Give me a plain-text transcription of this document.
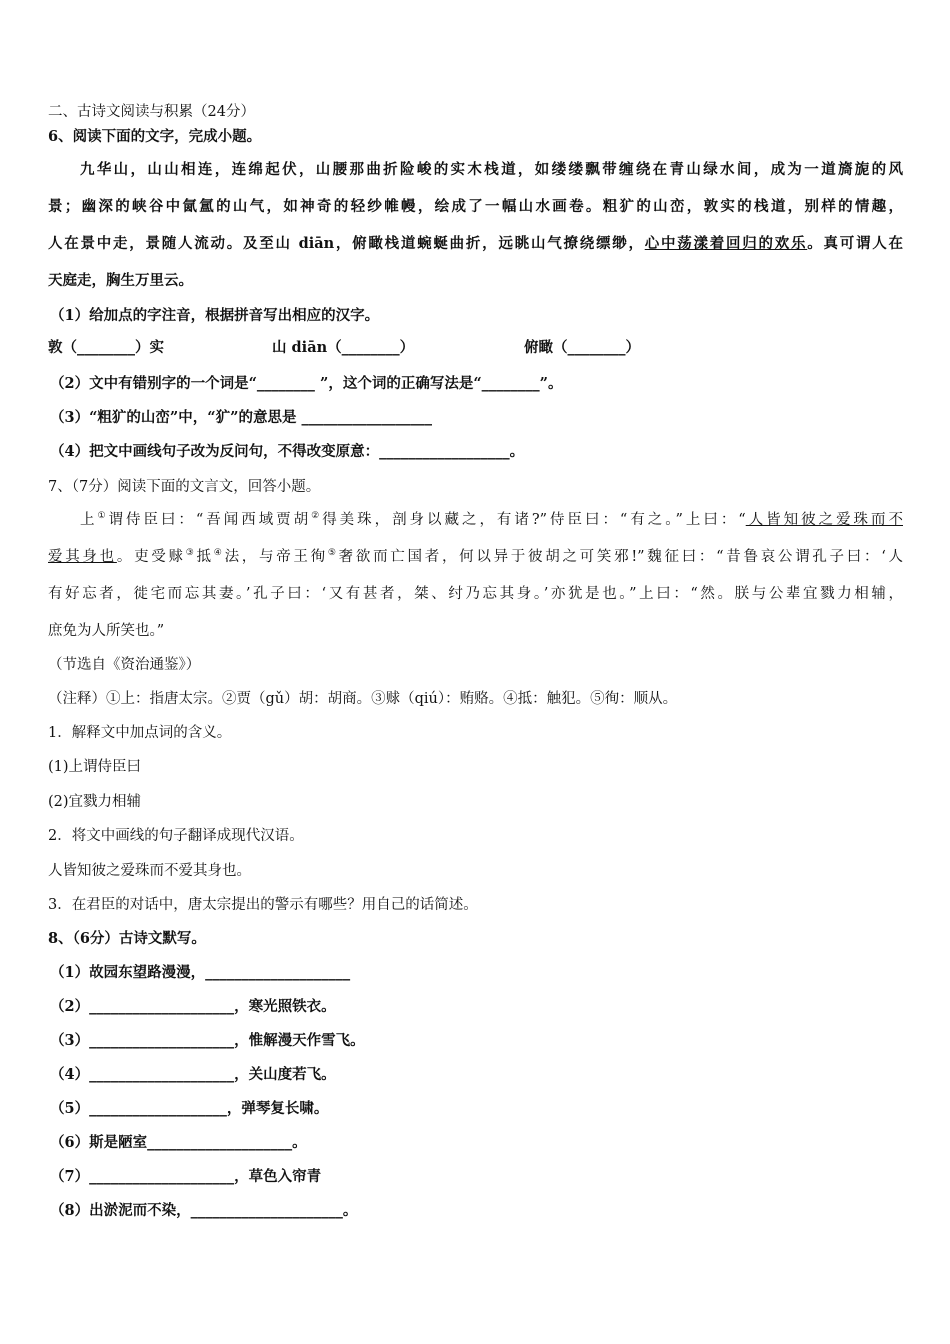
二、古诗文阅读与积累（24分）
6、阅读下面的文字，完成小题。
九华山，山山相连，连绵起伏，山腰那曲折险峻的实木栈道，如缕缕飘带缠绕在青山绿水间，成为一道旖旎的风
景；幽深的峡谷中氤氲的山气，如神奇的轻纱帷幔，绘成了一幅山水画卷。粗犷的山峦，敦实的栈道，别样的情趣，
人在景中走，景随人流动。及至山 diān，俯瞰栈道蜿蜒曲折，远眺山气撩绕缥缈，心中荡漾着回归的欢乐。真可谓人在
天庭走，胸生万里云。
（1）给加点的字注音，根据拼音写出相应的汉字。
敦（________）实	山 diān（________）	俯瞰（________）
（2）文中有错别字的一个词是“________ ”，这个词的正确写法是“________”。
（3）“粗犷的山峦”中，“犷”的意思是 __________________
（4）把文中画线句子改为反问句，不得改变原意：__________________。
7、（7分）阅读下面的文言文，回答小题。
上①谓侍臣曰：“吾闻西域贾胡②得美珠，剖身以藏之，有诸?”侍臣曰：“有之。”上曰：“人皆知彼之爱珠而不
爱其身也。吏受赇③抵④法，与帝王徇⑤奢欲而亡国者，何以异于彼胡之可笑邪!”魏征曰：“昔鲁哀公谓孔子曰：‘人
有好忘者，徙宅而忘其妻。’孔子曰：‘又有甚者，桀、纣乃忘其身。’亦犹是也。”上曰：“然。朕与公辈宜戮力相辅，
庶免为人所笑也。”
（节选自《资治通鉴》）
（注释）①上：指唐太宗。②贾（gǔ）胡：胡商。③赇（qiú）：贿赂。④抵：触犯。⑤徇：顺从。
1．解释文中加点词的含义。
(1)上谓侍臣曰
(2)宜戮力相辅
2．将文中画线的句子翻译成现代汉语。
人皆知彼之爱珠而不爱其身也。
3．在君臣的对话中，唐太宗提出的警示有哪些？用自己的话简述。
8、（6分）古诗文默写。
（1）故园东望路漫漫，____________________
（2）____________________，寒光照铁衣。
（3）____________________，惟解漫天作雪飞。
（4）____________________，关山度若飞。
（5）___________________，弹琴复长啸。
（6）斯是陋室____________________。
（7）____________________，草色入帘青
（8）出淤泥而不染，_____________________。
